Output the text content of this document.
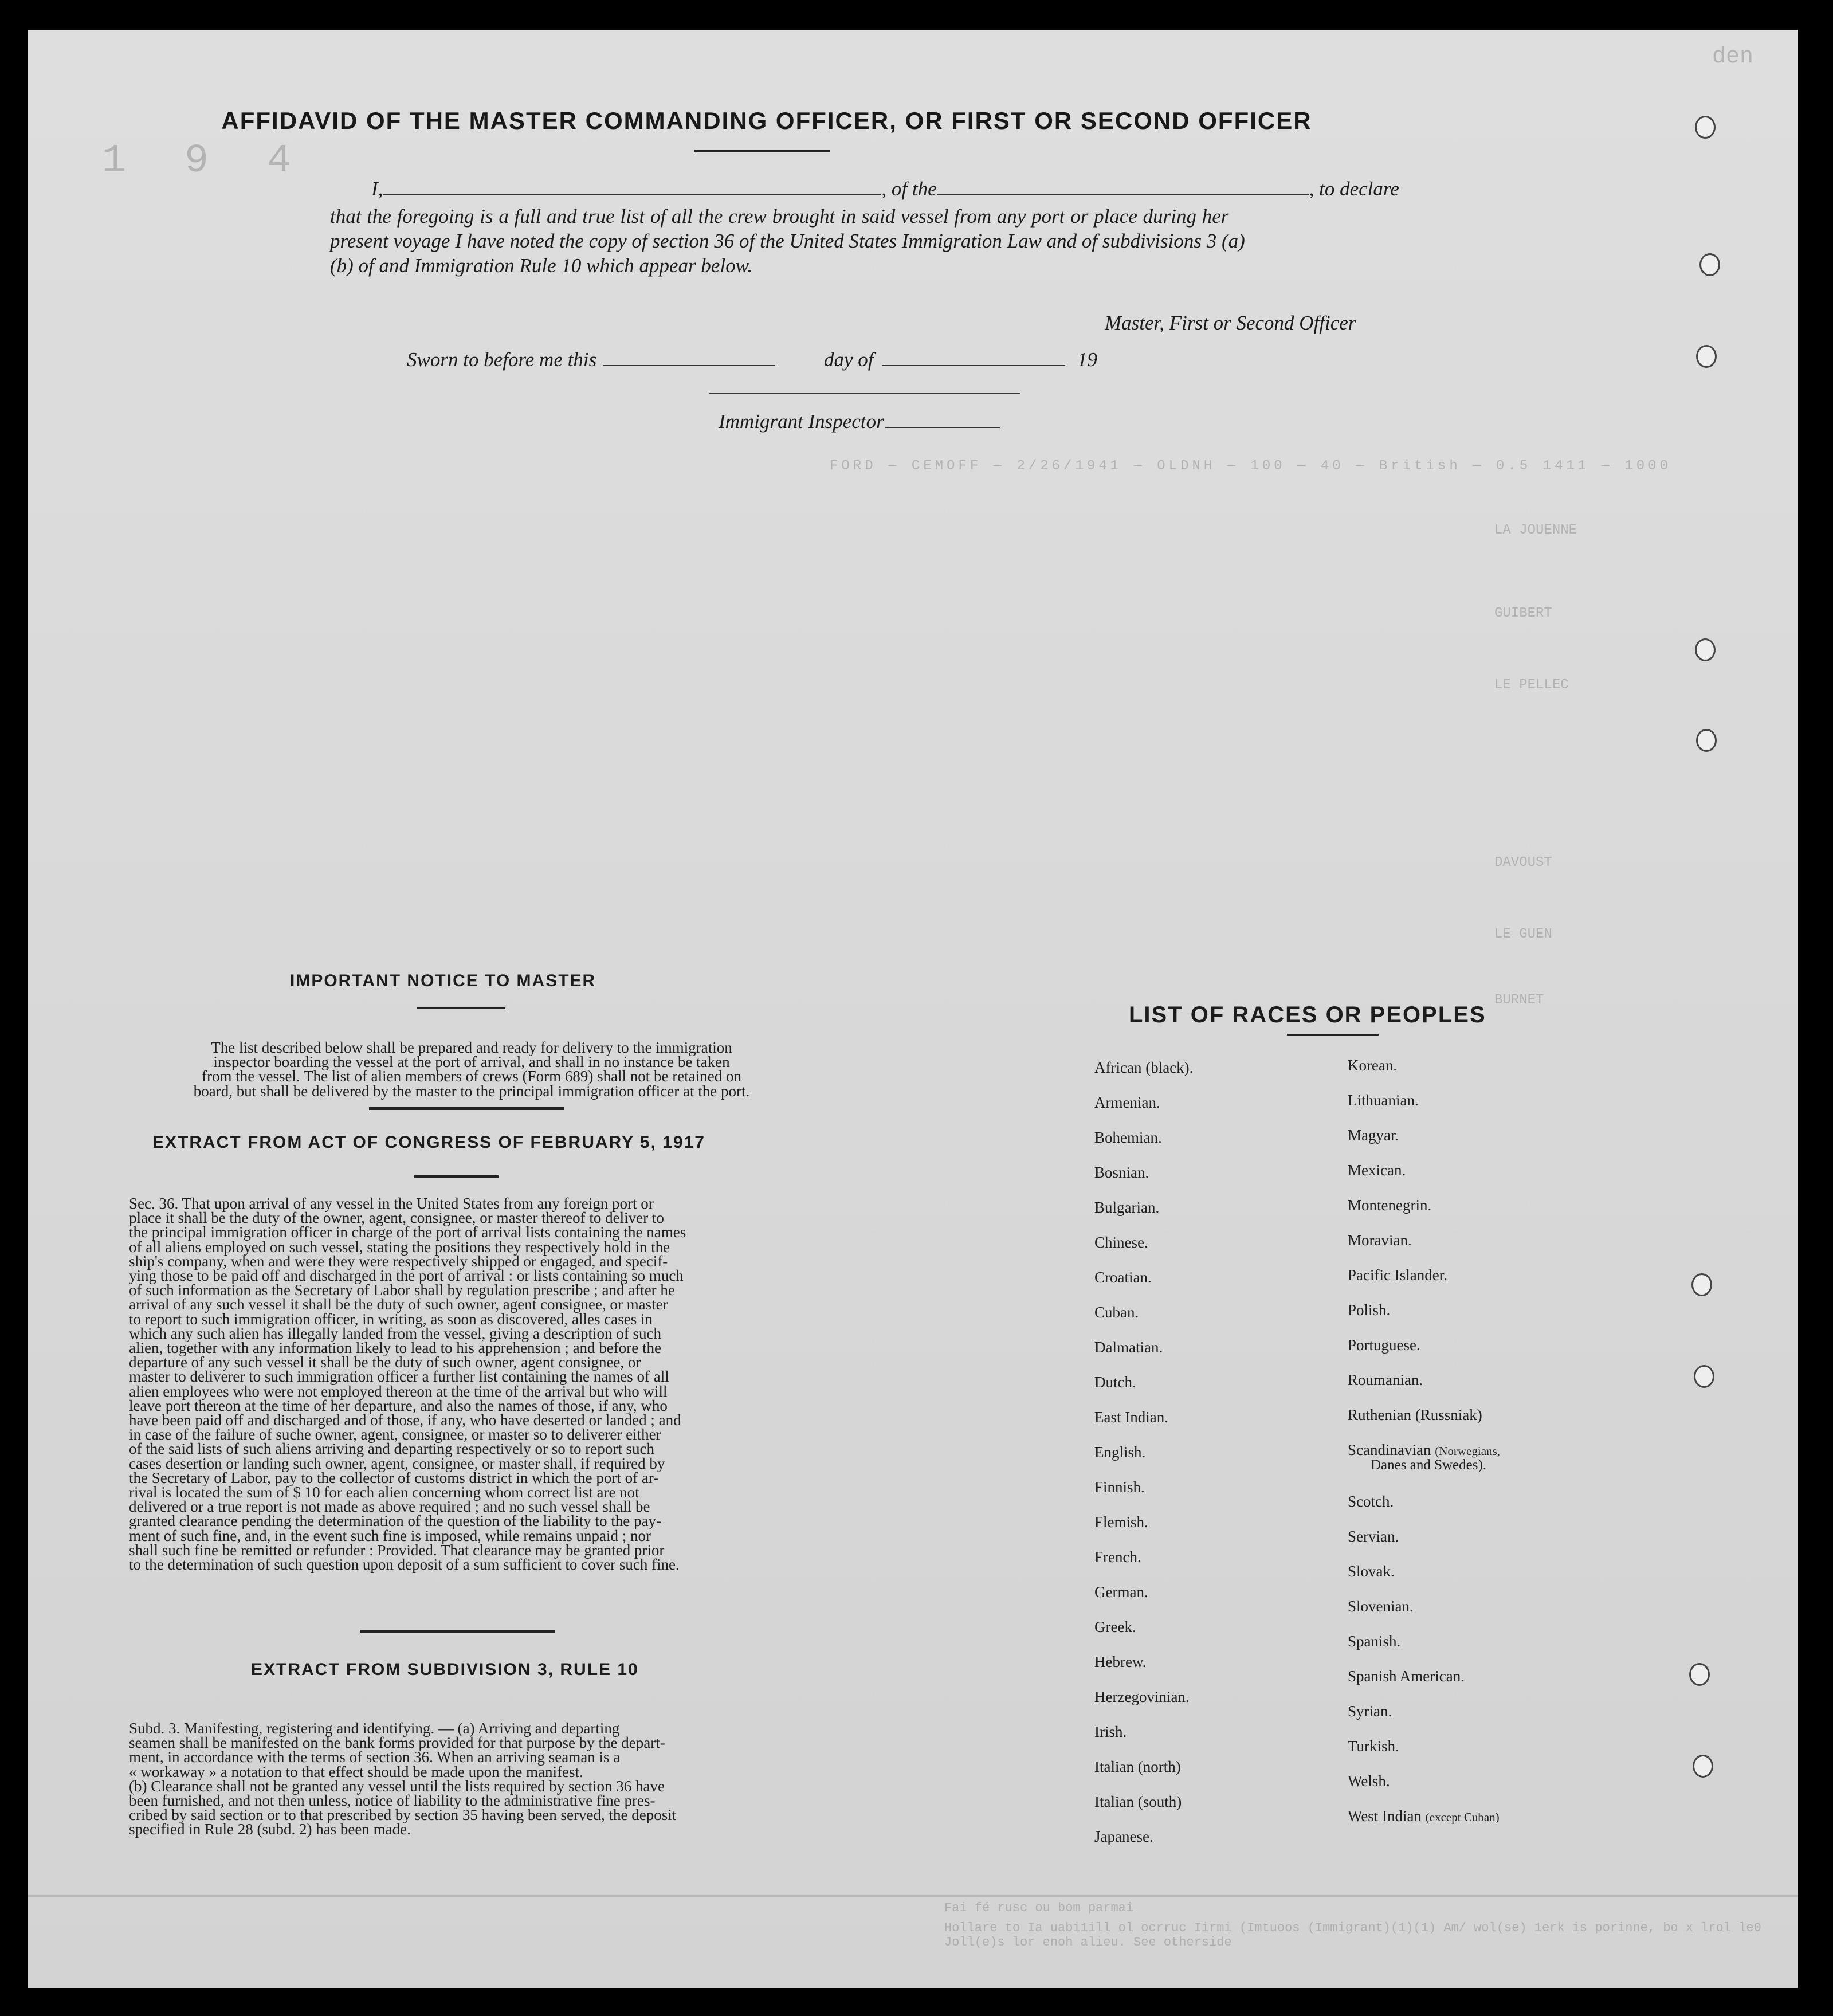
1 9 4
den
FORD — CEMOFF — 2/26/1941 — OLDNH — 100 — 40 — British — 0.5 1411 — 1000
LA JOUENNE
GUIBERT
LE PELLEC
DAVOUST
LE GUEN
BURNET
Fai fé rusc ou bom parmai
Hollare to Ia uabi1ill ol ocrruc Iirmi (Imtuoos (Immigrant)(1)(1) Am/ wol(se) 1erk is porinne, bo x lrol le0 Joll(e)s lor enoh alieu. See otherside
AFFIDAVID OF THE MASTER COMMANDING OFFICER, OR FIRST OR SECOND OFFICER
I,	, of the	, to declare
that the foregoing is a full and true list of all the crew brought in said vessel from any port or place during her
present voyage I have noted the copy of section 36 of the United States Immigration Law and of subdivisions 3 (a)
(b) of and Immigration Rule 10 which appear below.
Master, First or Second Officer
Sworn to before me this	day of	19
Immigrant Inspector
IMPORTANT NOTICE TO MASTER
The list described below shall be prepared and ready for delivery to the immigration
inspector boarding the vessel at the port of arrival, and shall in no instance be taken
from the vessel. The list of alien members of crews (Form 689) shall not be retained on
board, but shall be delivered by the master to the principal immigration officer at the port.
EXTRACT FROM ACT OF CONGRESS OF FEBRUARY 5, 1917
Sec. 36. That upon arrival of any vessel in the United States from any foreign port or
place it shall be the duty of the owner, agent, consignee, or master thereof to deliver to
the principal immigration officer in charge of the port of arrival lists containing the names
of all aliens employed on such vessel, stating the positions they respectively hold in the
ship's company, when and were they were respectively shipped or engaged, and specif-
ying those to be paid off and discharged in the port of arrival : or lists containing so much
of such information as the Secretary of Labor shall by regulation prescribe ; and after he
arrival of any such vessel it shall be the duty of such owner, agent consignee, or master
to report to such immigration officer, in writing, as soon as discovered, alles cases in
which any such alien has illegally landed from the vessel, giving a description of such
alien, together with any information likely to lead to his apprehension ; and before the
departure of any such vessel it shall be the duty of such owner, agent consignee, or
master to deliverer to such immigration officer a further list containing the names of all
alien employees who were not employed thereon at the time of the arrival but who will
leave port thereon at the time of her departure, and also the names of those, if any, who
have been paid off and discharged and of those, if any, who have deserted or landed ; and
in case of the failure of suche owner, agent, consignee, or master so to deliverer either
of the said lists of such aliens arriving and departing respectively or so to report such
cases desertion or landing such owner, agent, consignee, or master shall, if required by
the Secretary of Labor, pay to the collector of customs district in which the port of ar-
rival is located the sum of $ 10 for each alien concerning whom correct list are not
delivered or a true report is not made as above required ; and no such vessel shall be
granted clearance pending the determination of the question of the liability to the pay-
ment of such fine, and, in the event such fine is imposed, while remains unpaid ; nor
shall such fine be remitted or refunder : Provided. That clearance may be granted prior
to the determination of such question upon deposit of a sum sufficient to cover such fine.
EXTRACT FROM SUBDIVISION 3, RULE 10
Subd. 3. Manifesting, registering and identifying. — (a) Arriving and departing
seamen shall be manifested on the bank forms provided for that purpose by the depart-
ment, in accordance with the terms of section 36. When an arriving seaman is a
« workaway » a notation to that effect should be made upon the manifest.
(b) Clearance shall not be granted any vessel until the lists required by section 36 have
been furnished, and not then unless, notice of liability to the administrative fine pres-
cribed by said section or to that prescribed by section 35 having been served, the deposit
specified in Rule 28 (subd. 2) has been made.
LIST OF RACES OR PEOPLES
African (black).
Armenian.
Bohemian.
Bosnian.
Bulgarian.
Chinese.
Croatian.
Cuban.
Dalmatian.
Dutch.
East Indian.
English.
Finnish.
Flemish.
French.
German.
Greek.
Hebrew.
Herzegovinian.
Irish.
Italian (north)
Italian (south)
Japanese.
Korean.
Lithuanian.
Magyar.
Mexican.
Montenegrin.
Moravian.
Pacific Islander.
Polish.
Portuguese.
Roumanian.
Ruthenian (Russniak)
Scandinavian (Norwegians,
Danes and Swedes).
Scotch.
Servian.
Slovak.
Slovenian.
Spanish.
Spanish American.
Syrian.
Turkish.
Welsh.
West Indian (except Cuban)
